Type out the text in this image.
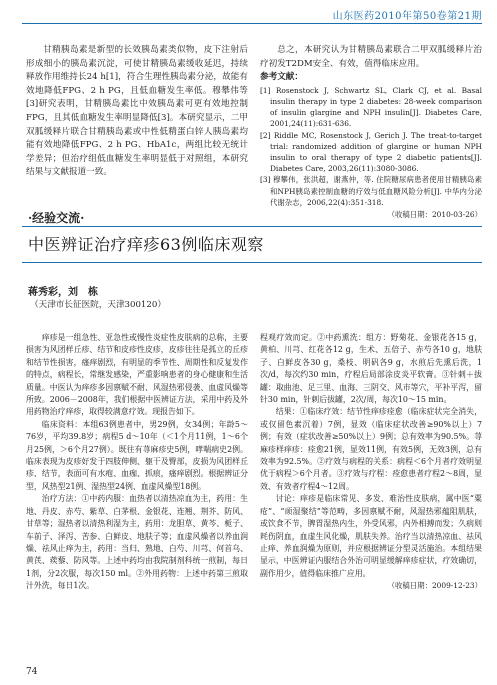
山东医药2010年第50卷第21期

甘精胰岛素是新型的长效胰岛素类似物，皮下注射后形成细小的胰岛素沉淀，可使甘精胰岛素缓收延迟，持续释放作用维持长24 h[1]，符合生理性胰岛素分泌，故能有效地降低FPG、2 h PG，且低血糖发生率低。穆攀伟等[3]研究表明，甘精胰岛素比中效胰岛素可更有效地控制FPG，且其低血糖发生率明显降低[3]。本研究显示，二甲双胍缓释片联合甘精胰岛素或中性低精蛋白锌人胰岛素均能有效地降低FPG、2 h PG、HbA1c，两组比较无统计学差异；但治疗组低血糖发生率明显低于对照组，本研究结果与文献报道一致。

总之，本研究认为甘精胰岛素联合二甲双胍缓释片治疗初发T2DM安全、有效，值得临床应用。

参考文献：

[1] Rosenstock J, Schwartz SL, Clark CJ, et al. Basal insulin therapy in type 2 diabetes: 28-week comparison of insulin glargine and NPH insulin[J]. Diabetes Care, 2001,24(11):631-636.

[2] Riddle MC, Rosenstock J, Gerich J. The treat-to-target trial: randomized addition of glargine or human NPH insulin to oral therapy of type 2 diabetic patients[J]. Diabetes Care, 2003,26(11):3080-3086.

[3] 穆攀伟，张洪超，谢燕仲，等. 住院糖尿病患者使用甘精胰岛素和NPH胰岛素控制血糖的疗效与低血糖风险分析[J]. 中华内分泌代谢杂志，2006,22(4):351-318.

（收稿日期：2010-03-26）

·经验交流·
中医辨证治疗痒疹63例临床观察
蒋秀彩，刘　栋
（天津市长征医院，天津300120）

痒疹是一组急性、亚急性或慢性炎症性皮肤病的总称，主要损害为风团样丘疹、结节和皮疹性皮疹，皮疹往往是孤立的丘疹和结节性损害，瘙痒剧烈，有明显的季节性、周期性和反复发作的特点，病程长，常继发感染，严重影响患者的身心健康和生活质量。中医认为痒疹多因禀赋不耐、风湿热邪侵袭、血虚风燥等所致。2006－2008年，我们根据中医辨证方法，采用中药及外用药物治疗痒疹，取得较满意疗效。现报告如下。

临床资料：本组63例患者中，男29例，女34例；年龄5～76岁，平均39.8岁；病程5 d～10年（＜1个月11例，1～6个月25例，＞6个月27例）。既往有荨麻疹史5例，哮喘病史2例。临床表现为皮疹好发于四肢伸侧、躯干及臀部，皮损为风团样丘疹、结节，表面可有水疱、血痂、抓痕，瘙痒剧烈。根据辨证分型，风热型21例、湿热型24例、血虚风燥型18例。

治疗方法：①中药内服：血热者以清热凉血为主，药用：生地、丹皮、赤芍、紫草、白茅根、金银花、连翘、荆芥、防风、甘草等；湿热者以清热利湿为主，药用：龙胆草、黄芩、栀子、车前子、泽泻、苦参、白鲜皮、地肤子等；血虚风燥者以养血润燥、祛风止痒为主，药用：当归、熟地、白芍、川芎、何首乌、黄芪、蒺藜、防风等。上述中药均由我院制剂科统一煎制，每日1剂，分2次服，每次150 ml。②外用药物：上述中药第三煎取汁外洗，每日1次。

程观疗效而定。②中药熏洗：组方：野菊花、金银花各15 g，黄柏、川芎、红花各12 g，生术、五倍子、赤芍各10 g，地肤子、白鲜皮各30 g，桑枝、明矾各9 g，水煎后先熏后洗，1次/d，每次约30 min，疗程后局部涂皮炎平软膏。③针刺＋拔罐：取曲池、足三里、血海、三阴交、风市等穴，平补平泻，留针30 min，针刺后拔罐，2次/周，每次10～15 min。

结果：①临床疗效：结节性痒疹痊愈（临床症状完全消失，或仅留色素沉着）7例，显效（临床症状改善≥90%以上）7例；有效（症状改善≥50%以上）9例；总有效率为90.5%。荨麻疹样痒疹：痊愈21例，显效11例，有效5例，无效3例，总有效率为92.5%。②疗效与病程的关系：病程＜6个月者疗效明显优于病程＞6个月者。③疗效与疗程：痊愈患者疗程2～8周，显效、有效者疗程4～12周。

讨论：痒疹是临床常见、多发、难治性皮肤病，属中医“粟疮”、“顽湿聚结”等范畴，多因禀赋不耐，风湿热邪蕴阻肌肤，或饮食不节，脾胃湿热内生，外受风邪，内外相搏而发；久病则耗伤阴血，血虚生风化燥，肌肤失养。治疗当以清热凉血、祛风止痒、养血润燥为原则，并应根据辨证分型灵活施治。本组结果显示，中医辨证内服结合外治可明显缓解痒疹症状，疗效确切，副作用少，值得临床推广应用。

（收稿日期：2009-12-23）

74
